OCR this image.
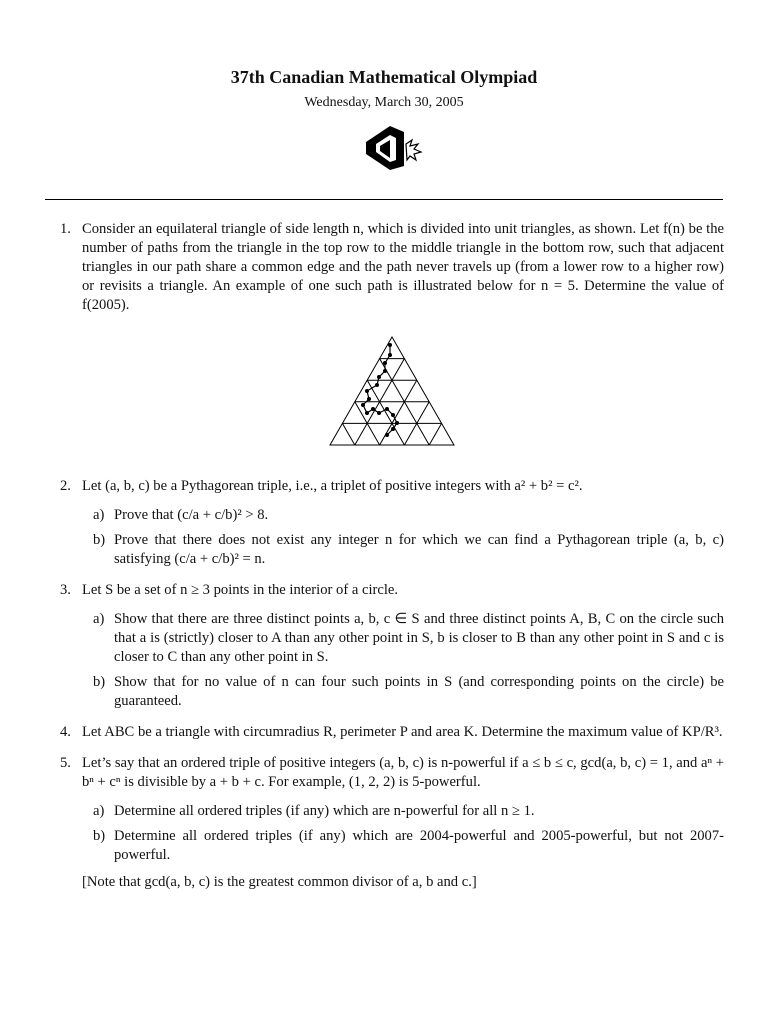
37th Canadian Mathematical Olympiad
Wednesday, March 30, 2005
1. Consider an equilateral triangle of side length n, which is divided into unit triangles, as shown. Let f(n) be the number of paths from the triangle in the top row to the middle triangle in the bottom row, such that adjacent triangles in our path share a common edge and the path never travels up (from a lower row to a higher row) or revisits a triangle. An example of one such path is illustrated below for n = 5. Determine the value of f(2005).
2. Let (a, b, c) be a Pythagorean triple, i.e., a triplet of positive integers with a² + b² = c².
a) Prove that (c/a + c/b)² > 8.
b) Prove that there does not exist any integer n for which we can find a Pythagorean triple (a, b, c) satisfying (c/a + c/b)² = n.
3. Let S be a set of n ≥ 3 points in the interior of a circle.
a) Show that there are three distinct points a, b, c ∈ S and three distinct points A, B, C on the circle such that a is (strictly) closer to A than any other point in S, b is closer to B than any other point in S and c is closer to C than any other point in S.
b) Show that for no value of n can four such points in S (and corresponding points on the circle) be guaranteed.
4. Let ABC be a triangle with circumradius R, perimeter P and area K. Determine the maximum value of KP/R³.
5. Let’s say that an ordered triple of positive integers (a, b, c) is n-powerful if a ≤ b ≤ c, gcd(a, b, c) = 1, and aⁿ + bⁿ + cⁿ is divisible by a + b + c. For example, (1, 2, 2) is 5-powerful.
a) Determine all ordered triples (if any) which are n-powerful for all n ≥ 1.
b) Determine all ordered triples (if any) which are 2004-powerful and 2005-powerful, but not 2007-powerful.
[Note that gcd(a, b, c) is the greatest common divisor of a, b and c.]
